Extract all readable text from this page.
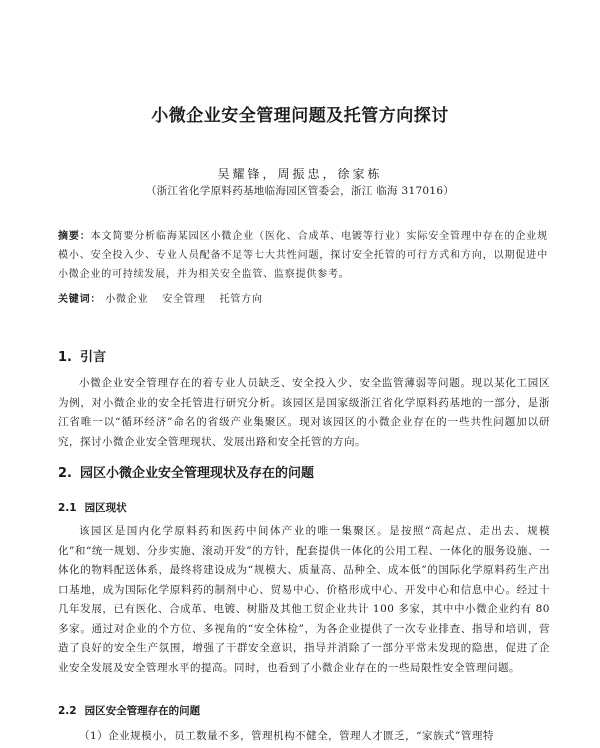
小微企业安全管理问题及托管方向探讨
吴耀锋，周振忠，徐家栋
（浙江省化学原料药基地临海园区管委会，浙江 临海 317016）
摘要：本文简要分析临海某园区小微企业（医化、合成革、电镀等行业）实际安全管理中存在的企业规模小、安全投入少、专业人员配备不足等七大共性问题，探讨安全托管的可行方式和方向，以期促进中小微企业的可持续发展，并为相关安全监管、监察提供参考。
关键词： 小微企业 安全管理 托管方向
1. 引言
小微企业安全管理存在的着专业人员缺乏、安全投入少、安全监管薄弱等问题。现以某化工园区为例，对小微企业的安全托管进行研究分析。该园区是国家级浙江省化学原料药基地的一部分，是浙江省唯一以“循环经济”命名的省级产业集聚区。现对该园区的小微企业存在的一些共性问题加以研究，探讨小微企业安全管理现状、发展出路和安全托管的方向。
2. 园区小微企业安全管理现状及存在的问题
2.1 园区现状
该园区是国内化学原料药和医药中间体产业的唯一集聚区。是按照“高起点、走出去、规模化”和“统一规划、分步实施、滚动开发”的方针，配套提供一体化的公用工程、一体化的服务设施、一体化的物料配送体系，最终将建设成为“规模大、质量高、品种全、成本低”的国际化学原料药生产出口基地，成为国际化学原料药的制剂中心、贸易中心、价格形成中心、开发中心和信息中心。经过十几年发展，已有医化、合成革、电镀、树脂及其他工贸企业共计 100 多家，其中中小微企业约有 80 多家。通过对企业的个方位、多视角的“安全体检”，为各企业提供了一次专业排查、指导和培训，营造了良好的安全生产氛围，增强了干群安全意识，指导并消除了一部分平常未发现的隐患，促进了企业安全发展及安全管理水平的提高。同时，也看到了小微企业存在的一些局限性安全管理问题。
2.2 园区安全管理存在的问题
（1）企业规模小，员工数量不多，管理机构不健全，管理人才匮乏，“家族式”管理特
